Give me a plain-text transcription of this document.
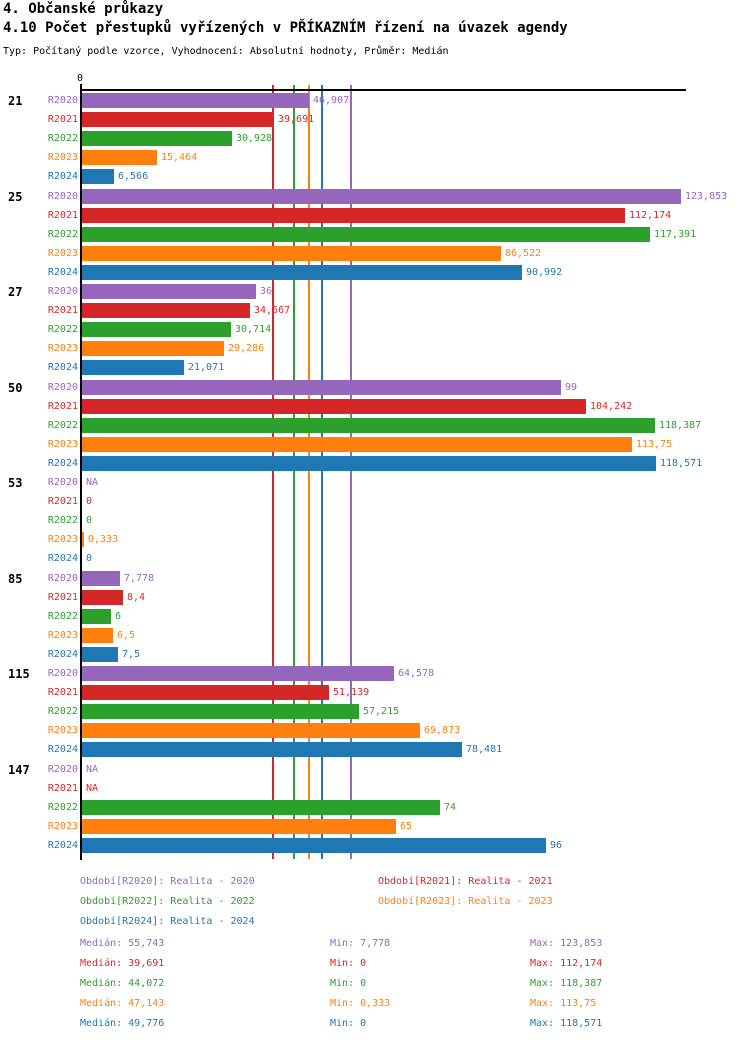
4. Občanské průkazy
4.10 Počet přestupků vyřízených v PŘÍKAZNÍM řízení na úvazek agendy
Typ: Počítaný podle vzorce, Vyhodnocení: Absolutní hodnoty, Průměr: Medián
0
21	R2020	46,907
R2021	39,691
R2022	30,928
R2023	15,464
R2024	6,566
25	R2020	123,853
R2021	112,174
R2022	117,391
R2023	86,522
R2024	90,992
27	R2020	36
R2021	34,667
R2022	30,714
R2023	29,286
R2024	21,071
50	R2020	99
R2021	104,242
R2022	118,387
R2023	113,75
R2024	118,571
53	R2020 NA
R2021 0
R2022 0
R2023 0,333
R2024 0
85	R2020	7,778
R2021	8,4
R2022	6
R2023	6,5
R2024	7,5
115	R2020	64,578
R2021	51,139
R2022	57,215
R2023	69,873
R2024	78,481
147	R2020 NA
R2021 NA
R2022	74
R2023	65
R2024	96
Období[R2020]: Realita - 2020	Období[R2021]: Realita - 2021
Období[R2022]: Realita - 2022	Období[R2023]: Realita - 2023
Období[R2024]: Realita - 2024
Medián: 55,743	Min: 7,778	Max: 123,853
Medián: 39,691	Min: 0	Max: 112,174
Medián: 44,072	Min: 0	Max: 118,387
Medián: 47,143	Min: 0,333	Max: 113,75
Medián: 49,776	Min: 0	Max: 118,571
